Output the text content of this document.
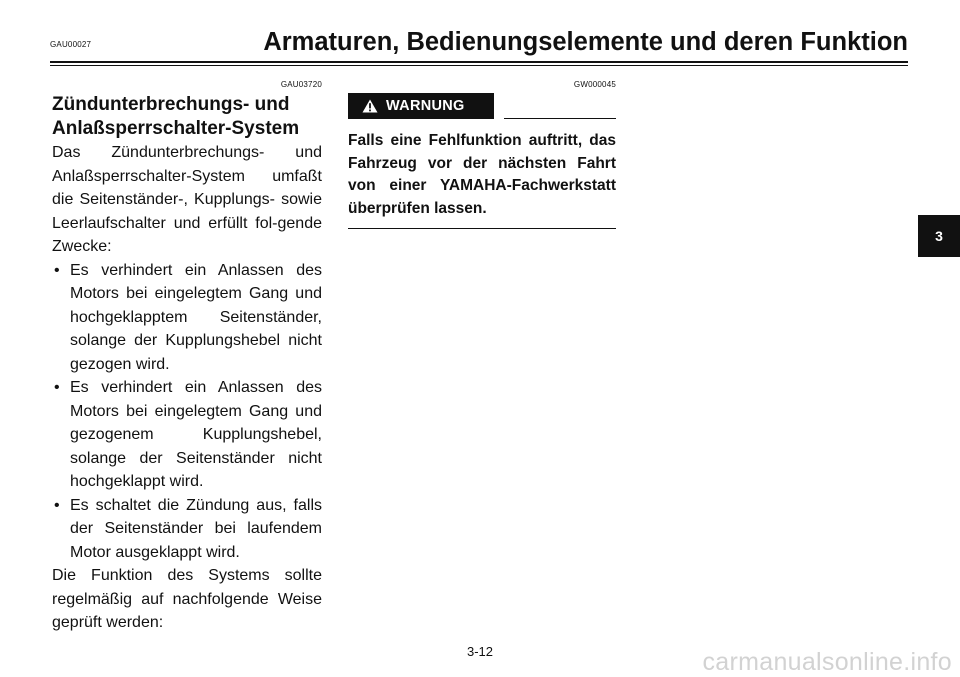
GAU00027	Armaturen, Bedienungselemente und deren Funktion
GAU03720
Zündunterbrechungs- und
Anlaßsperrschalter-System

Das Zündunterbrechungs- und Anlaßsperrschalter-System umfaßt die Seitenständer-, Kupplungs- sowie Leerlaufschalter und erfüllt fol-gende Zwecke:

• Es verhindert ein Anlassen des Motors bei eingelegtem Gang und hochgeklapptem Seitenständer, solange der Kupplungshebel nicht gezogen wird.
• Es verhindert ein Anlassen des Motors bei eingelegtem Gang und gezogenem Kupplungshebel, solange der Seitenständer nicht hochgeklappt wird.
• Es schaltet die Zündung aus, falls der Seitenständer bei laufendem Motor ausgeklappt wird.

Die Funktion des Systems sollte regelmäßig auf nachfolgende Weise geprüft werden:

GW000045
WARNUNG
Falls eine Fehlfunktion auftritt, das Fahrzeug vor der nächsten Fahrt von einer YAMAHA-Fachwerkstatt überprüfen lassen.
3
3-12	carmanualsonline.info
